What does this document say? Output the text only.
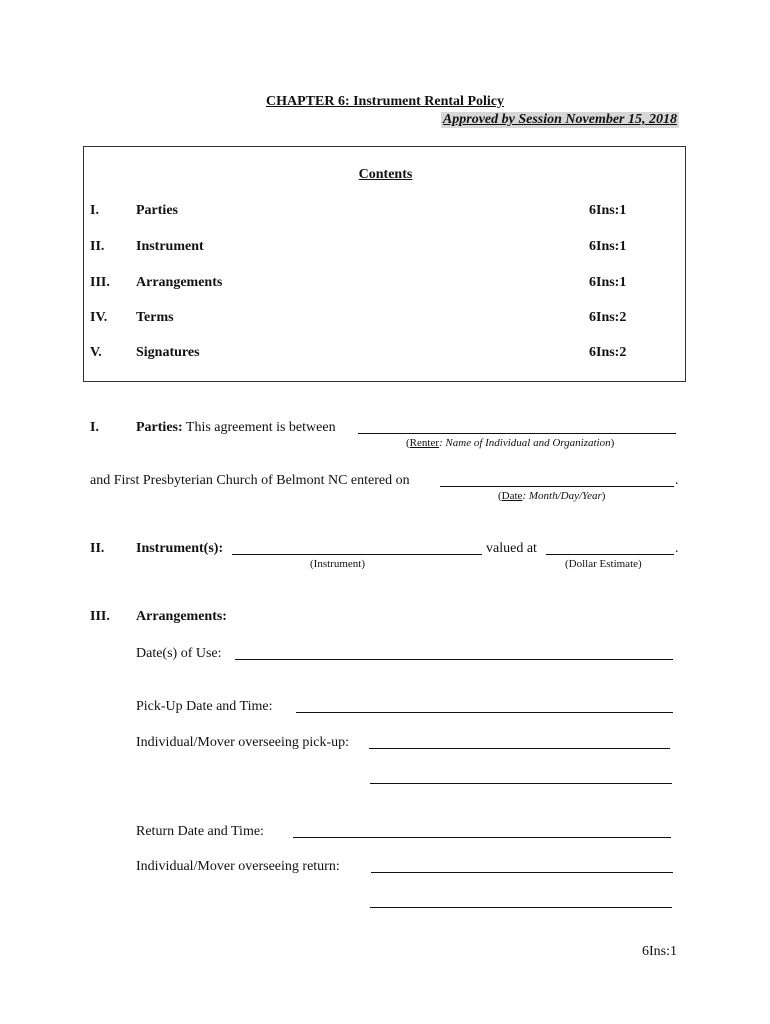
CHAPTER 6: Instrument Rental Policy
Approved by Session November 15, 2018
Contents
I.	Parties	6Ins:1
II. Instrument	6Ins:1
III. Arrangements	6Ins:1
IV. Terms	6Ins:2
V. Signatures	6Ins:2
I.	Parties: This agreement is between
(Renter: Name of Individual and Organization)
and First Presbyterian Church of Belmont NC entered on	.
(Date: Month/Day/Year)
II. Instrument(s):	valued at	.
(Instrument)	(Dollar Estimate)
III. Arrangements:
Date(s) of Use:
Pick-Up Date and Time:
Individual/Mover overseeing pick-up:
Return Date and Time:
Individual/Mover overseeing return:
6Ins:1
